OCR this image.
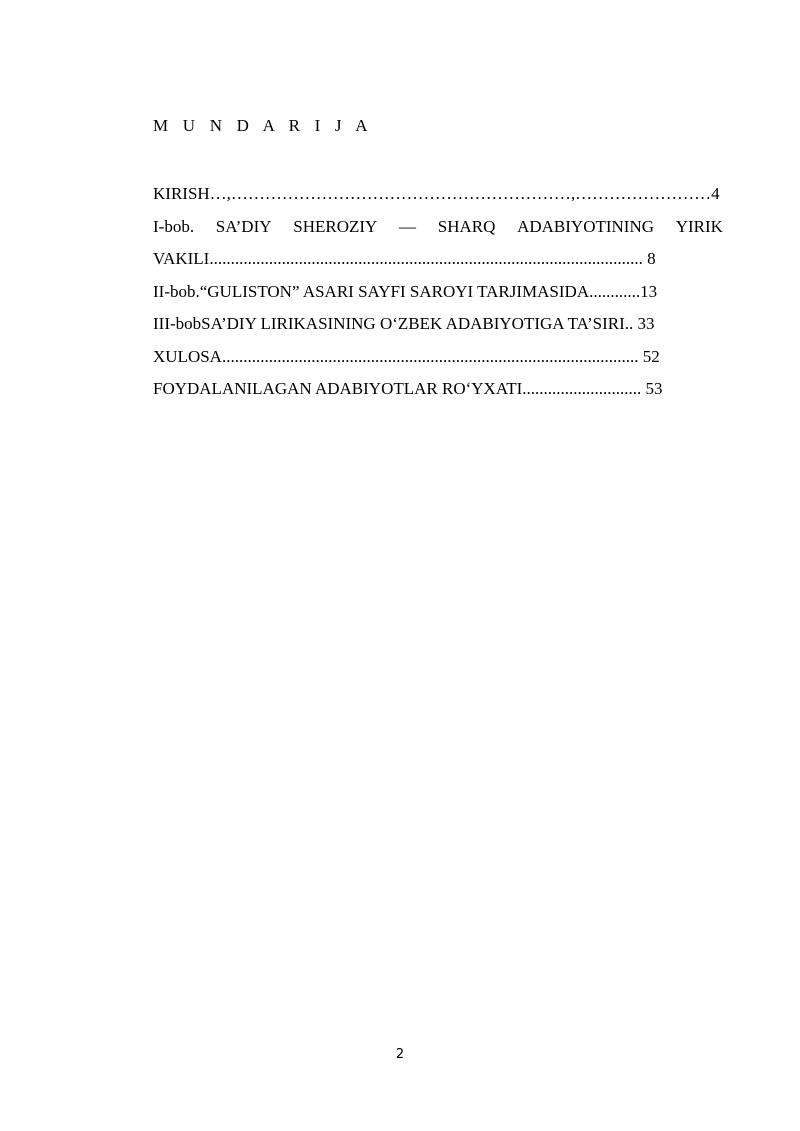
M U N D A R I J A
KIRISH…,……………………………………………………,……………………4
I-bob. SA’DIY SHEROZIY — SHARQ ADABIYOTINING YIRIK
VAKILI...................................................................................................... 8
II-bob.“GULISTON” ASARI SAYFI SAROYI TARJIMASIDA............13
III-bobSA’DIY LIRIKASINING O‘ZBEK ADABIYOTIGA TA’SIRI.. 33
XULOSA.................................................................................................. 52
FOYDALANILAGAN ADABIYOTLAR RO‘YXATI............................ 53
2
